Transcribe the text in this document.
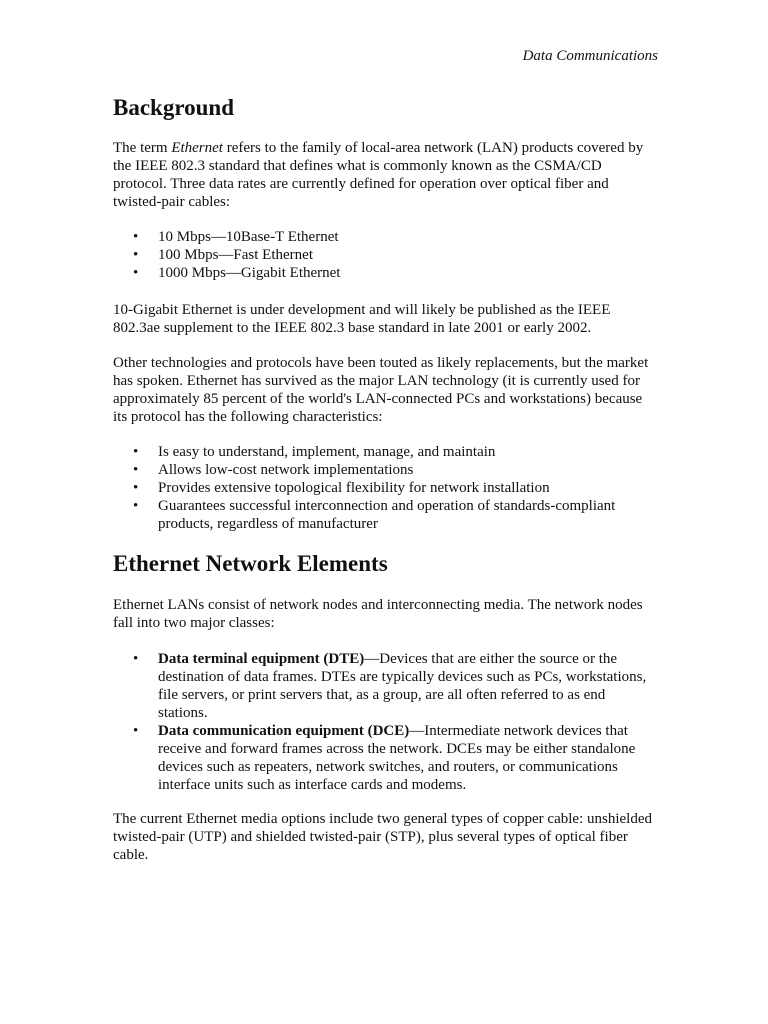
Data Communications
Background

The term Ethernet refers to the family of local-area network (LAN) products covered by the IEEE 802.3 standard that defines what is commonly known as the CSMA/CD protocol. Three data rates are currently defined for operation over optical fiber and twisted-pair cables:

• 10 Mbps—10Base-T Ethernet
• 100 Mbps—Fast Ethernet
• 1000 Mbps—Gigabit Ethernet

10-Gigabit Ethernet is under development and will likely be published as the IEEE 802.3ae supplement to the IEEE 802.3 base standard in late 2001 or early 2002.

Other technologies and protocols have been touted as likely replacements, but the market has spoken. Ethernet has survived as the major LAN technology (it is currently used for approximately 85 percent of the world's LAN-connected PCs and workstations) because its protocol has the following characteristics:

• Is easy to understand, implement, manage, and maintain
• Allows low-cost network implementations
• Provides extensive topological flexibility for network installation
• Guarantees successful interconnection and operation of standards-compliant products, regardless of manufacturer
Ethernet Network Elements

Ethernet LANs consist of network nodes and interconnecting media. The network nodes fall into two major classes:

• Data terminal equipment (DTE)—Devices that are either the source or the destination of data frames. DTEs are typically devices such as PCs, workstations, file servers, or print servers that, as a group, are all often referred to as end stations.
• Data communication equipment (DCE)—Intermediate network devices that receive and forward frames across the network. DCEs may be either standalone devices such as repeaters, network switches, and routers, or communications interface units such as interface cards and modems.

The current Ethernet media options include two general types of copper cable: unshielded twisted-pair (UTP) and shielded twisted-pair (STP), plus several types of optical fiber cable.
